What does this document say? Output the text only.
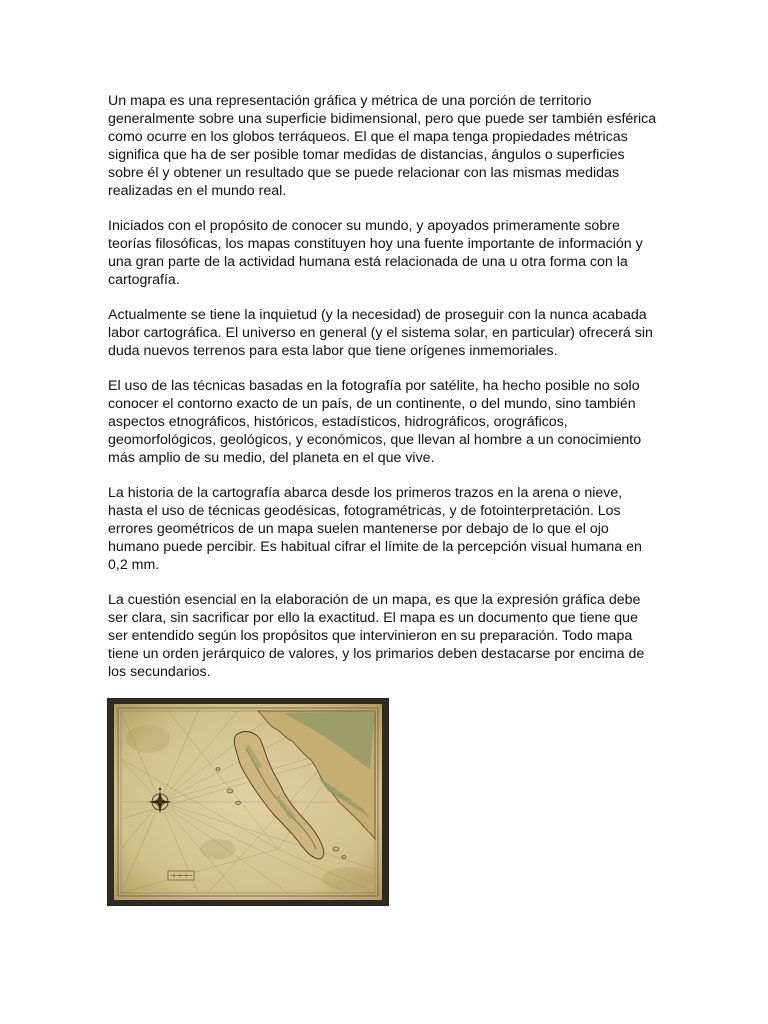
Un mapa es una representación gráfica y métrica de una porción de territorio generalmente sobre una superficie bidimensional, pero que puede ser también esférica como ocurre en los globos terráqueos. El que el mapa tenga propiedades métricas significa que ha de ser posible tomar medidas de distancias, ángulos o superficies sobre él y obtener un resultado que se puede relacionar con las mismas medidas realizadas en el mundo real.

Iniciados con el propósito de conocer su mundo, y apoyados primeramente sobre teorías filosóficas, los mapas constituyen hoy una fuente importante de información y una gran parte de la actividad humana está relacionada de una u otra forma con la cartografía.

Actualmente se tiene la inquietud (y la necesidad) de proseguir con la nunca acabada labor cartográfica. El universo en general (y el sistema solar, en particular) ofrecerá sin duda nuevos terrenos para esta labor que tiene orígenes inmemoriales.

El uso de las técnicas basadas en la fotografía por satélite, ha hecho posible no solo conocer el contorno exacto de un país, de un continente, o del mundo, sino también aspectos etnográficos, históricos, estadísticos, hidrográficos, orográficos, geomorfológicos, geológicos, y económicos, que llevan al hombre a un conocimiento más amplio de su medio, del planeta en el que vive.

La historia de la cartografía abarca desde los primeros trazos en la arena o nieve, hasta el uso de técnicas geodésicas, fotogramétricas, y de fotointerpretación. Los errores geométricos de un mapa suelen mantenerse por debajo de lo que el ojo humano puede percibir. Es habitual cifrar el límite de la percepción visual humana en 0,2 mm.

La cuestión esencial en la elaboración de un mapa, es que la expresión gráfica debe ser clara, sin sacrificar por ello la exactitud. El mapa es un documento que tiene que ser entendido según los propósitos que intervinieron en su preparación. Todo mapa tiene un orden jerárquico de valores, y los primarios deben destacarse por encima de los secundarios.
